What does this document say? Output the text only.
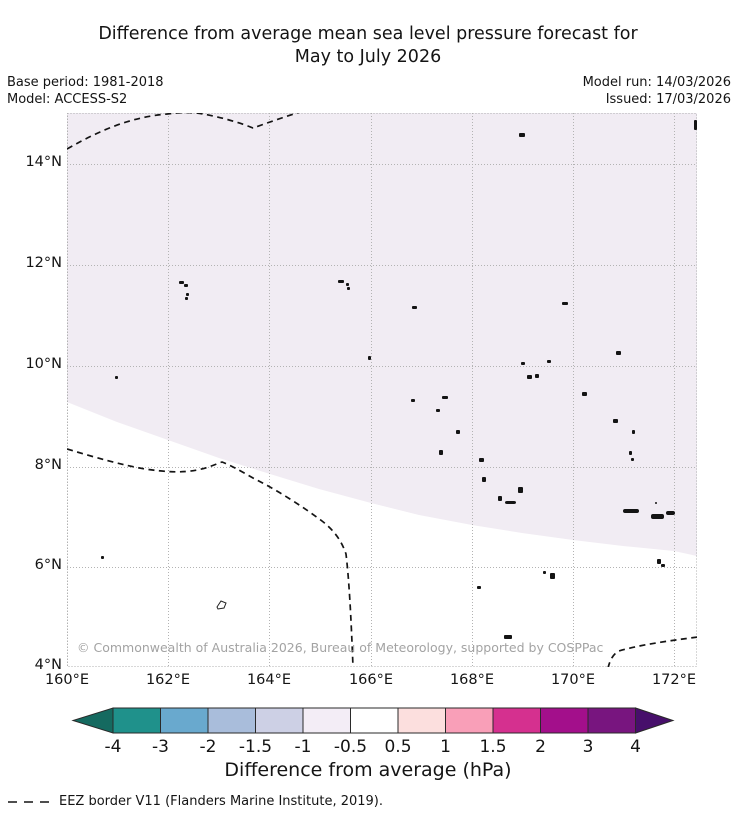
Difference from average mean sea level pressure forecast for
May to July 2026
Base period: 1981-2018
Model: ACCESS-S2
Model run: 14/03/2026
Issued: 17/03/2026
14°N
12°N
10°N
8°N
6°N
4°N
160°E	162°E	164°E	166°E	168°E	170°E	172°E
© Commonwealth of Australia 2026, Bureau of Meteorology, supported by COSPPac
-4 -3 -2 -1.5 -1 -0.5 0.5 1 1.5 2 3 4
Difference from average (hPa)
EEZ border V11 (Flanders Marine Institute, 2019).
